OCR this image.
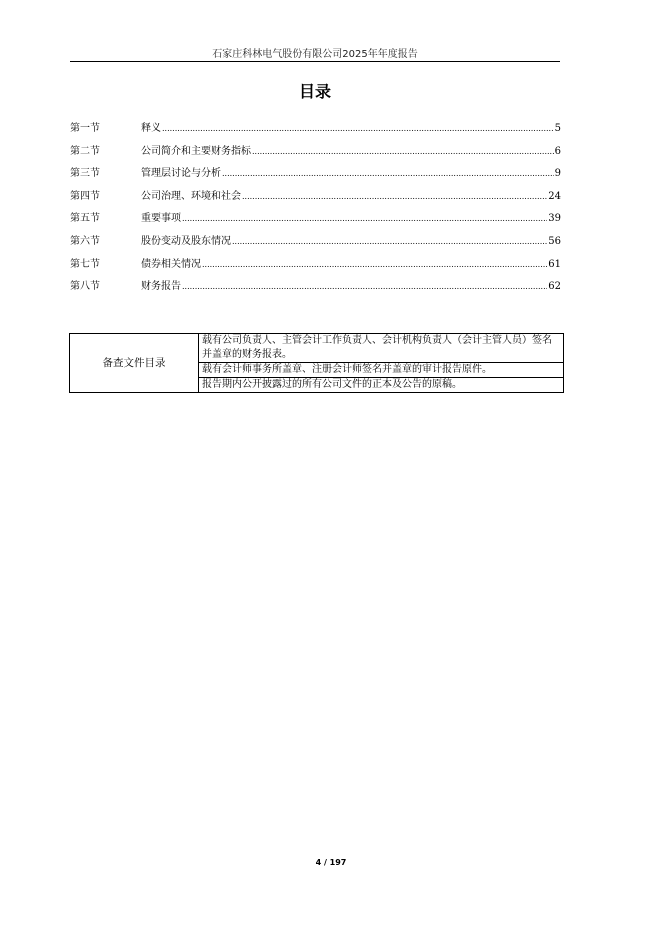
石家庄科林电气股份有限公司2025年年度报告
目录
第一节	释义 .....	5
第二节	公司简介和主要财务指标 .....	6
第三节	管理层讨论与分析 .....	9
第四节	公司治理、环境和社会 .....	24
第五节	重要事项 .....	39
第六节	股份变动及股东情况 .....	56
第七节	债券相关情况 .....	61
第八节	财务报告 .....	62
备查文件目录	载有公司负责人、主管会计工作负责人、会计机构负责人（会计主管人员）签名并盖章的财务报表。
载有会计师事务所盖章、注册会计师签名并盖章的审计报告原件。
报告期内公开披露过的所有公司文件的正本及公告的原稿。
4 / 197
